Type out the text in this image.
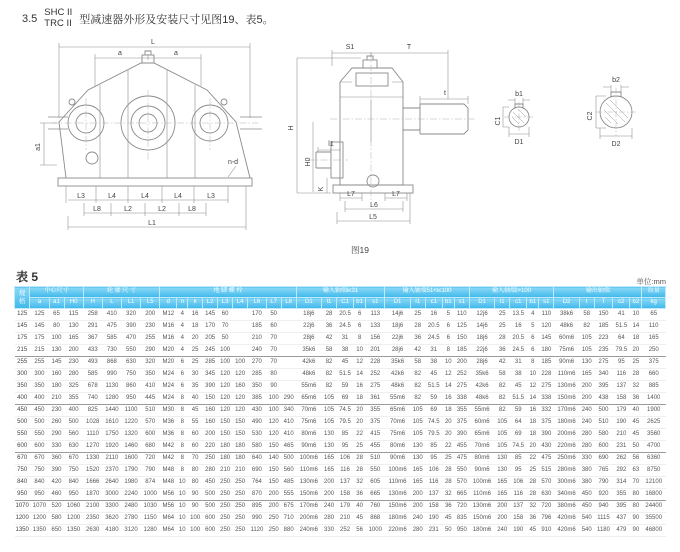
3.5
SHC II
TRC II 型减速器外形及安装尺寸见图19、表5。
L
a	a
a1
n-d
L3	L4	L4	L4	L3
L8	L2	L2	L8
L1
S1	T
t
H
H0
l1
K
L7	L7
L6
L5
图19
b1
C1
D1
b2
C2
D2
表 5	单位:mm
规格	中心尺寸			轮 廓 尺 寸				地 脚 螺 栓									输入轴端i≤31					输入轴端51<i≤100					输入轴端i>100					输出轴端					质量
	a	a1	H0	H	L	L1	L5	d	n	k	L2	L3	L4	L6	L7	L8	D1	l1	C1	b1	s1	D1	l1	c1	b1	s1	D1	l1	c1	b1	s1	D2	t	T	c2	b2	kg
125	125	65	115	258	410	320	200	M12	4	16	145	60		170	50		18j6	28	20.5	6	113	14j6	25	16	5	110	12j6	25	13.5	4	110	38k6	58	150	41	10	65
145	145	80	130	291	475	390	230	M16	4	18	170	70		185	60		22j6	36	24.5	6	133	18j6	28	20.5	6	125	14j6	25	16	5	120	48k6	82	185	51.5	14	110
175	175	100	165	367	585	470	255	M16	4	20	205	50		210	70		28j6	42	31	8	156	22j6	36	24.5	6	150	18j6	28	20.5	6	145	60m6	105	223	64	18	165
215	215	130	200	433	730	550	290	M20	4	25	245	100		240	70		35k6	58	38	10	201	28j6	42	31	8	185	22j6	36	24.5	6	180	75m6	105	235	79.5	20	250
255	255	145	230	493	868	630	320	M20	6	25	285	100	100	270	70		42k6	82	45	12	228	35k6	58	38	10	200	28j6	42	31	8	185	90m6	130	275	95	25	375
300	300	160	280	585	990	750	350	M24	6	30	345	120	120	285	80		48k6	82	51.5	14	252	42k6	82	45	12	252	35k6	58	38	10	228	110m6	165	340	116	28	660
350	350	180	325	678	1130	860	410	M24	6	35	390	120	160	350	90		55m6	82	59	16	275	48k6	82	51.5	14	275	42k6	82	45	12	275	130m6	200	395	137	32	885
400	400	210	355	740	1280	950	445	M24	8	40	150	120	120	385	100	290	65m6	105	69	18	361	55m6	82	59	16	338	48k6	82	51.5	14	338	150m6	200	438	158	36	1400
450	450	230	400	825	1440	1100	510	M30	8	45	160	120	120	430	100	340	70m6	105	74.5	20	355	65m6	105	69	18	355	55m6	82	59	16	332	170m6	240	500	179	40	1900
500	500	260	500	1028	1610	1220	570	M36	8	55	160	150	150	490	120	410	75m6	105	79.5	20	375	70m6	105	74.5	20	375	60m6	105	64	18	375	180m6	240	510	190	45	2625
550	550	290	560	1110	1750	1320	600	M36	8	60	200	150	150	530	120	410	80m6	130	85	22	415	75m6	105	79.5	20	390	65m6	105	69	18	390	200m6	280	580	210	45	3560
600	600	330	630	1270	1920	1460	680	M42	8	60	220	180	180	580	150	465	90m6	130	95	25	455	80m6	130	85	22	455	70m6	105	74.5	20	430	220m6	280	600	231	50	4700
670	670	360	670	1330	2110	1600	720	M42	8	70	250	180	180	640	140	500	100m6	165	106	28	510	90m6	130	95	25	475	80m6	130	85	22	475	250m6	330	690	262	56	6360
750	750	390	750	1520	2370	1790	790	M48	8	80	280	210	210	690	150	560	110m6	165	116	28	550	100m6	165	106	28	550	90m6	130	95	25	515	280m6	380	765	292	63	8750
840	840	420	840	1666	2640	1980	874	M48	10	80	450	250	250	764	150	485	130m6	200	137	32	605	110m6	165	116	28	570	100m6	165	106	28	570	300m6	380	790	314	70	12100
950	950	460	950	1870	3000	2240	1000	M56	10	90	500	250	250	870	200	555	150m6	200	158	36	665	130m6	200	137	32	665	110m6	165	116	28	630	340m6	450	920	355	80	16800
1070	1070	520	1060	2100	3300	2480	1030	M56	10	90	500	250	250	895	200	675	170m6	240	179	40	760	150m6	200	158	36	720	130m6	200	137	32	720	380m6	450	940	395	80	24400
1200	1200	580	1200	2350	3620	2780	1150	M64	10	100	600	250	250	990	250	710	200m6	280	210	45	868	180m6	240	190	45	835	150m6	200	158	36	796	420m6	540	1115	437	90	35500
1350	1350	650	1350	2630	4180	3120	1280	M64	10	100	600	250	250	1120	250	880	240m6	330	252	56	1000	220m6	280	231	50	950	180m6	240	190	45	910	420m6	540	1180	479	90	46800
